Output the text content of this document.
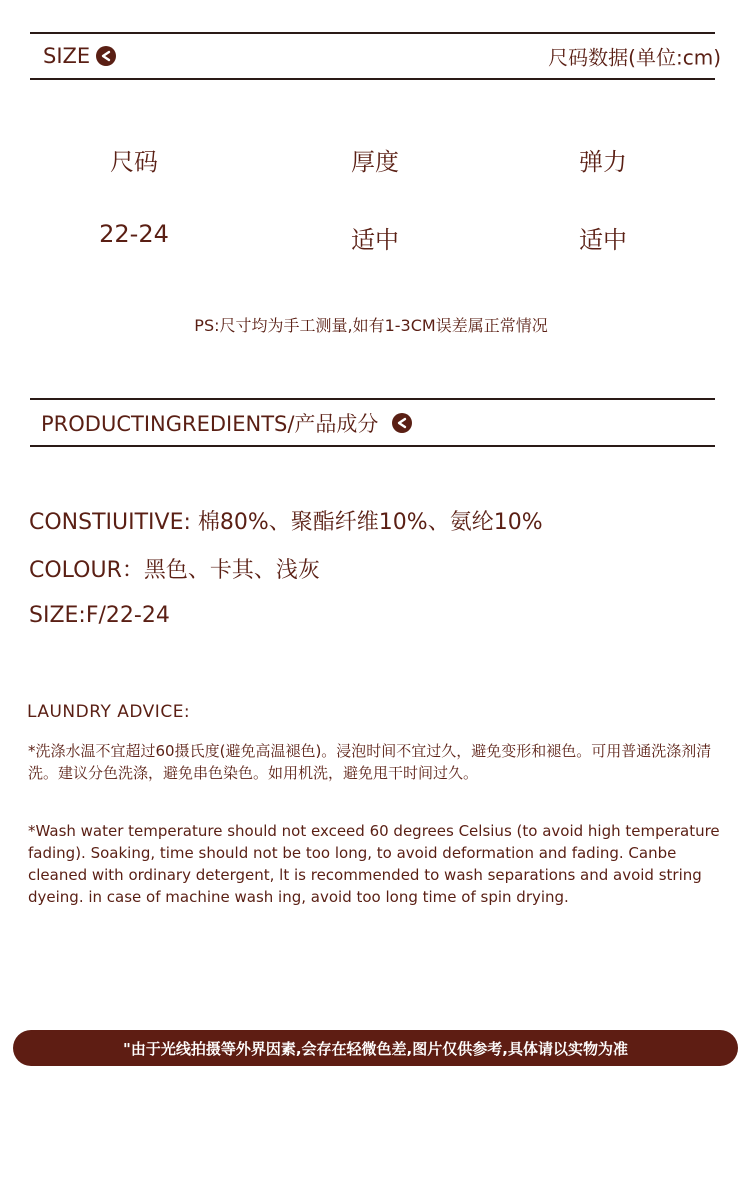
SIZE	尺码数据(单位:cm)
尺码	厚度	弹力
22-24	适中	适中
PS:尺寸均为手工测量,如有1-3CM误差属正常情况
PRODUCTINGREDIENTS/产品成分
CONSTIUITIVE: 棉80%、聚酯纤维10%、氨纶10%
COLOUR：黑色、卡其、浅灰
SIZE:F/22-24
LAUNDRY ADVICE:
*洗涤水温不宜超过60摄氏度(避免高温褪色)。浸泡时间不宜过久，避免变形和褪色。可用普通洗涤剂清洗。建议分色洗涤，避免串色染色。如用机洗，避免甩干时间过久。
*Wash water temperature should not exceed 60 degrees Celsius (to avoid high temperature fading). Soaking, time should not be too long, to avoid deformation and fading. Canbe cleaned with ordinary detergent, lt is recommended to wash separations and avoid string dyeing. in case of machine wash ing, avoid too long time of spin drying.
"由于光线拍摄等外界因素,会存在轻微色差,图片仅供参考,具体请以实物为准
